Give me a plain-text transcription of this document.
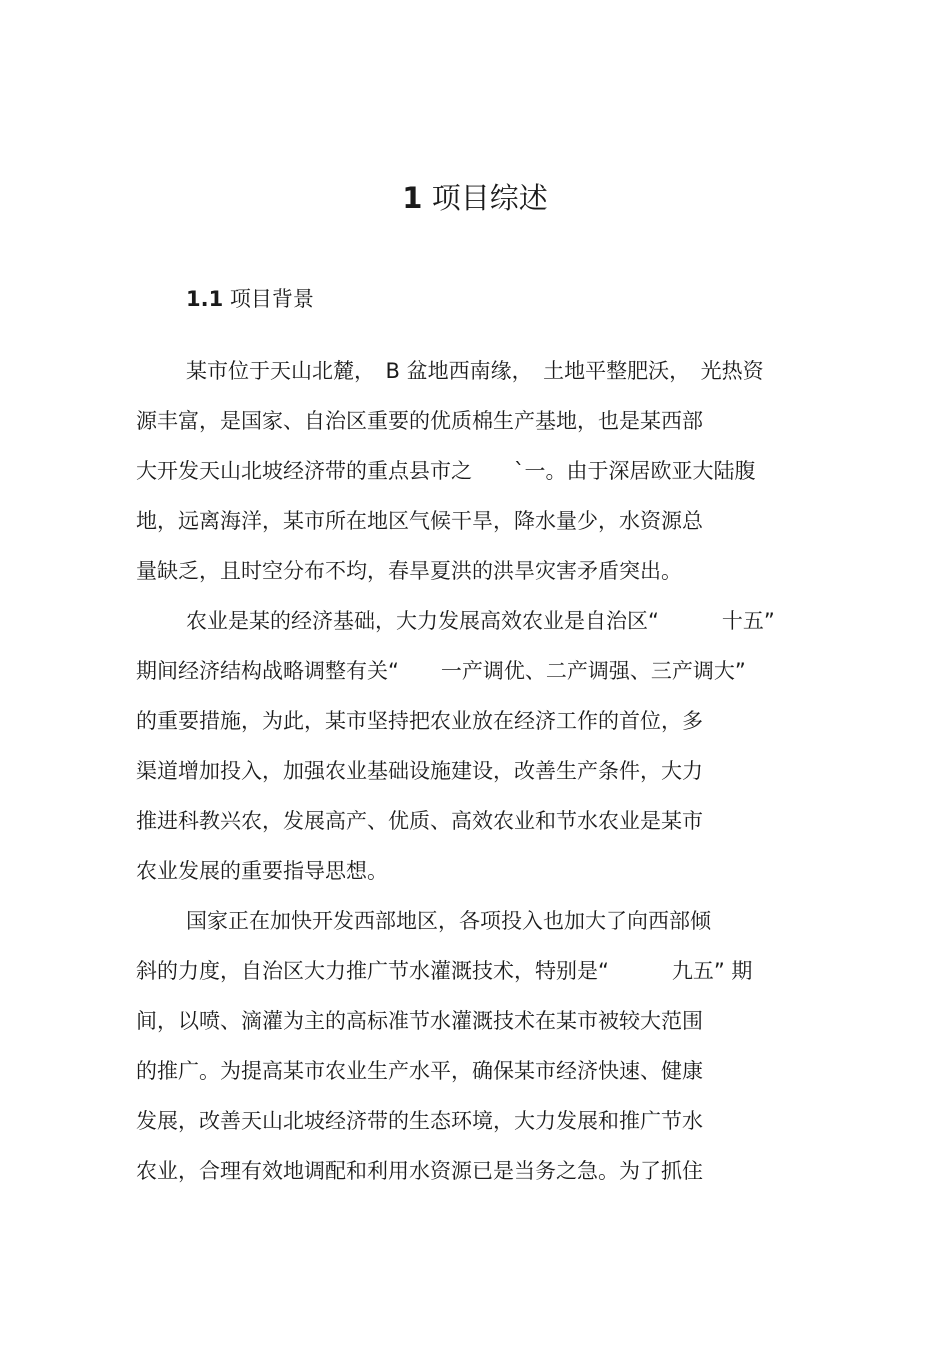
1 项目综述
1.1 项目背景

某市位于天山北麓，　B 盆地西南缘，　土地平整肥沃，　光热资

源丰富，是国家、自治区重要的优质棉生产基地，也是某西部

大开发天山北坡经济带的重点县市之　　`一。由于深居欧亚大陆腹

地，远离海洋，某市所在地区气候干旱，降水量少，水资源总

量缺乏，且时空分布不均，春旱夏洪的洪旱灾害矛盾突出。

农业是某的经济基础，大力发展高效农业是自治区“　　　十五”

期间经济结构战略调整有关“　　一产调优、二产调强、三产调大”

的重要措施，为此，某市坚持把农业放在经济工作的首位，多

渠道增加投入，加强农业基础设施建设，改善生产条件，大力

推进科教兴农，发展高产、优质、高效农业和节水农业是某市

农业发展的重要指导思想。

国家正在加快开发西部地区，各项投入也加大了向西部倾

斜的力度，自治区大力推广节水灌溉技术，特别是“　　　九五” 期

间，以喷、滴灌为主的高标准节水灌溉技术在某市被较大范围

的推广。为提高某市农业生产水平，确保某市经济快速、健康

发展，改善天山北坡经济带的生态环境，大力发展和推广节水

农业，合理有效地调配和利用水资源已是当务之急。为了抓住
